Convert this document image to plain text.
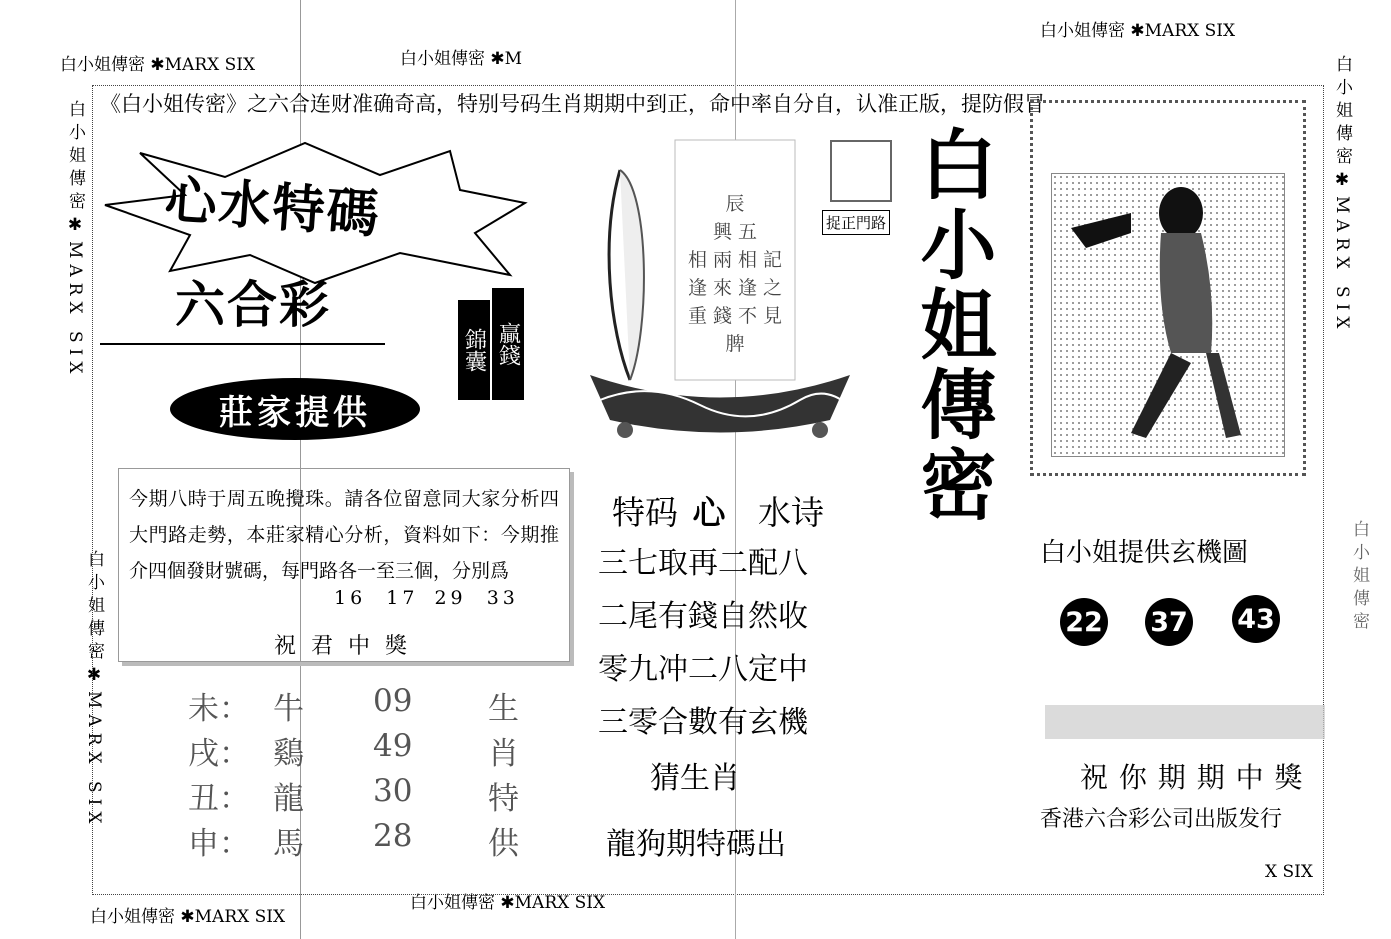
白小姐傳密 ✱MARX SIX	白小姐傳密 ✱M
白小姐傳密 ✱MARX SIX
白小姐傳密 ✱MARX SIX
白小姐傳密 ✱MARX SIX
X SIX
白小姐傳密✱MARX SIX
白小姐傳密✱MARX SIX
白小姐傳密✱MARX SIX
白小姐傳密
《白小姐传密》之六合连财准确奇高，特别号码生肖期期中到正，命中率自分自，认准正版，提防假冒
心水特碼
六合彩
錦囊 贏錢
莊家提供
今期八時于周五晚攪珠。請各位留意同大家分析四大門路走勢，本莊家精心分析，資料如下：今期推介四個發財號碼，每門路各一至三個，分別爲
16 17 29 33
祝 君 中 獎
未： 牛 09 生
戌： 鷄 49 肖
丑： 龍 30 特
申： 馬 28 供
辰
興 五
相 兩 相 記
逢 來 逢 之
重 錢 不 見 脾
捉正門路
特码 心 水诗
三七取再二配八
二尾有錢自然收
零九冲二八定中
三零合數有玄機
猜生肖
龍狗期特碼出
白小姐傳密
白小姐提供玄機圖
22 37 43
祝 你 期 期 中 獎
香港六合彩公司出版发行
